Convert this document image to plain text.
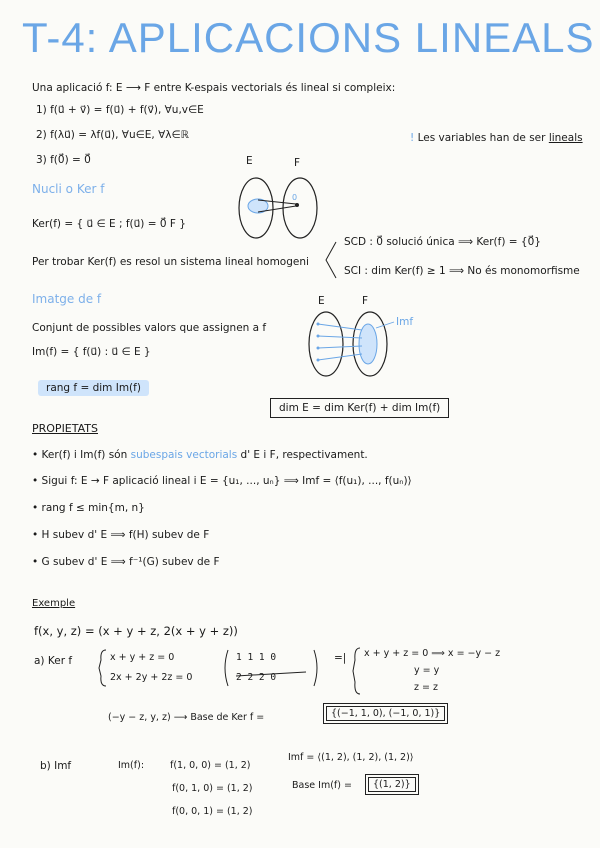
T-4: APLICACIONS LINEALS
Una aplicació f: E ⟶ F entre K-espais vectorials és lineal si compleix:
1) f(u⃗ + v⃗) = f(u⃗) + f(v⃗), ∀u,v∈E
2) f(λu⃗) = λf(u⃗), ∀u∈E, ∀λ∈ℝ
3) f(0⃗) = 0⃗
! Les variables han de ser lineals
Nucli o Ker f
E	F
0
Ker(f) = { u⃗ ∈ E ; f(u⃗) = 0⃗ F }
Per trobar Ker(f) es resol un sistema lineal homogeni
SCD : 0⃗ solució única ⟹ Ker(f) = {0⃗}
SCI : dim Ker(f) ≥ 1 ⟹ No és monomorfisme
Imatge de f	E	F
Imf
Conjunt de possibles valors que assignen a f
Im(f) = { f(u⃗) : u⃗ ∈ E }
rang f = dim Im(f)
dim E = dim Ker(f) + dim Im(f)
PROPIETATS
• Ker(f) i Im(f) són subespais vectorials d' E i F, respectivament.
• Sigui f: E → F aplicació lineal i E = {u₁, ..., uₙ} ⟹ Imf = ⟨f(u₁), ..., f(uₙ)⟩
• rang f ≤ min{m, n}
• H subev d' E ⟹ f(H) subev de F
• G subev d' E ⟹ f⁻¹(G) subev de F
Exemple
f(x, y, z) = (x + y + z, 2(x + y + z))
a) Ker f	x + y + z = 0
2x + 2y + 2z = 0
1 1 1 0
2 2 2 0
=| x + y + z = 0 ⟹ x = −y − z
y = y
z = z
(−y − z, y, z) ⟶ Base de Ker f =	{(−1, 1, 0), (−1, 0, 1)}
b) Imf	Im(f):	f(1, 0, 0) = (1, 2)
f(0, 1, 0) = (1, 2)
f(0, 0, 1) = (1, 2)
Imf = ⟨(1, 2), (1, 2), (1, 2)⟩
Base Im(f) =	{(1, 2)}
